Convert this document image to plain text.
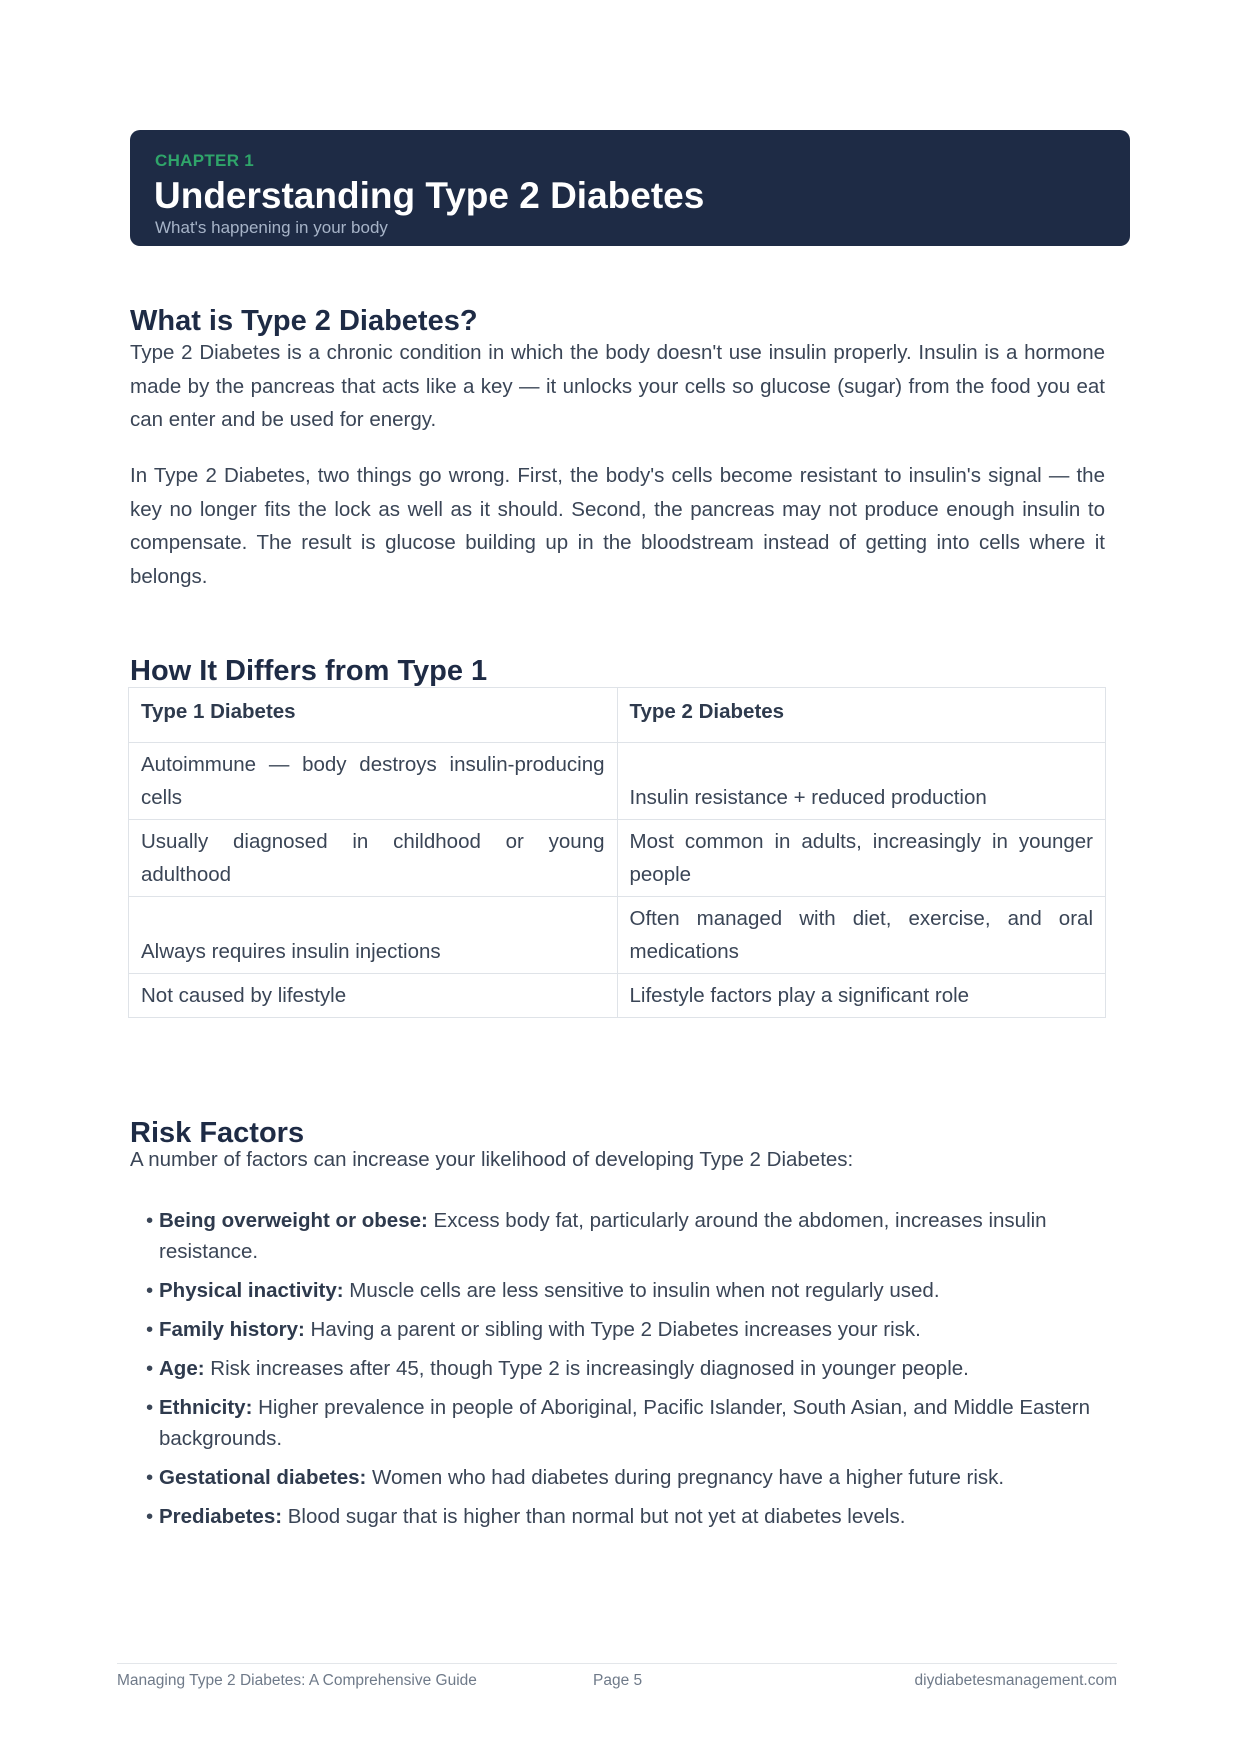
CHAPTER 1
Understanding Type 2 Diabetes
What's happening in your body
What is Type 2 Diabetes?

Type 2 Diabetes is a chronic condition in which the body doesn't use insulin properly. Insulin is a hormone made by the pancreas that acts like a key — it unlocks your cells so glucose (sugar) from the food you eat can enter and be used for energy.

In Type 2 Diabetes, two things go wrong. First, the body's cells become resistant to insulin's signal — the key no longer fits the lock as well as it should. Second, the pancreas may not produce enough insulin to compensate. The result is glucose building up in the bloodstream instead of getting into cells where it belongs.

How It Differs from Type 1
Type 1 Diabetes	Type 2 Diabetes
Autoimmune — body destroys insulin-producing cells	Insulin resistance + reduced production
Usually diagnosed in childhood or young adulthood	Most common in adults, increasingly in younger people
Always requires insulin injections	Often managed with diet, exercise, and oral medications
Not caused by lifestyle	Lifestyle factors play a significant role
Risk Factors

A number of factors can increase your likelihood of developing Type 2 Diabetes:

• Being overweight or obese: Excess body fat, particularly around the abdomen, increases insulin resistance.
• Physical inactivity: Muscle cells are less sensitive to insulin when not regularly used.
• Family history: Having a parent or sibling with Type 2 Diabetes increases your risk.
• Age: Risk increases after 45, though Type 2 is increasingly diagnosed in younger people.
• Ethnicity: Higher prevalence in people of Aboriginal, Pacific Islander, South Asian, and Middle Eastern backgrounds.
• Gestational diabetes: Women who had diabetes during pregnancy have a higher future risk.
• Prediabetes: Blood sugar that is higher than normal but not yet at diabetes levels.
Managing Type 2 Diabetes: A Comprehensive Guide	Page 5	diydiabetesmanagement.com
